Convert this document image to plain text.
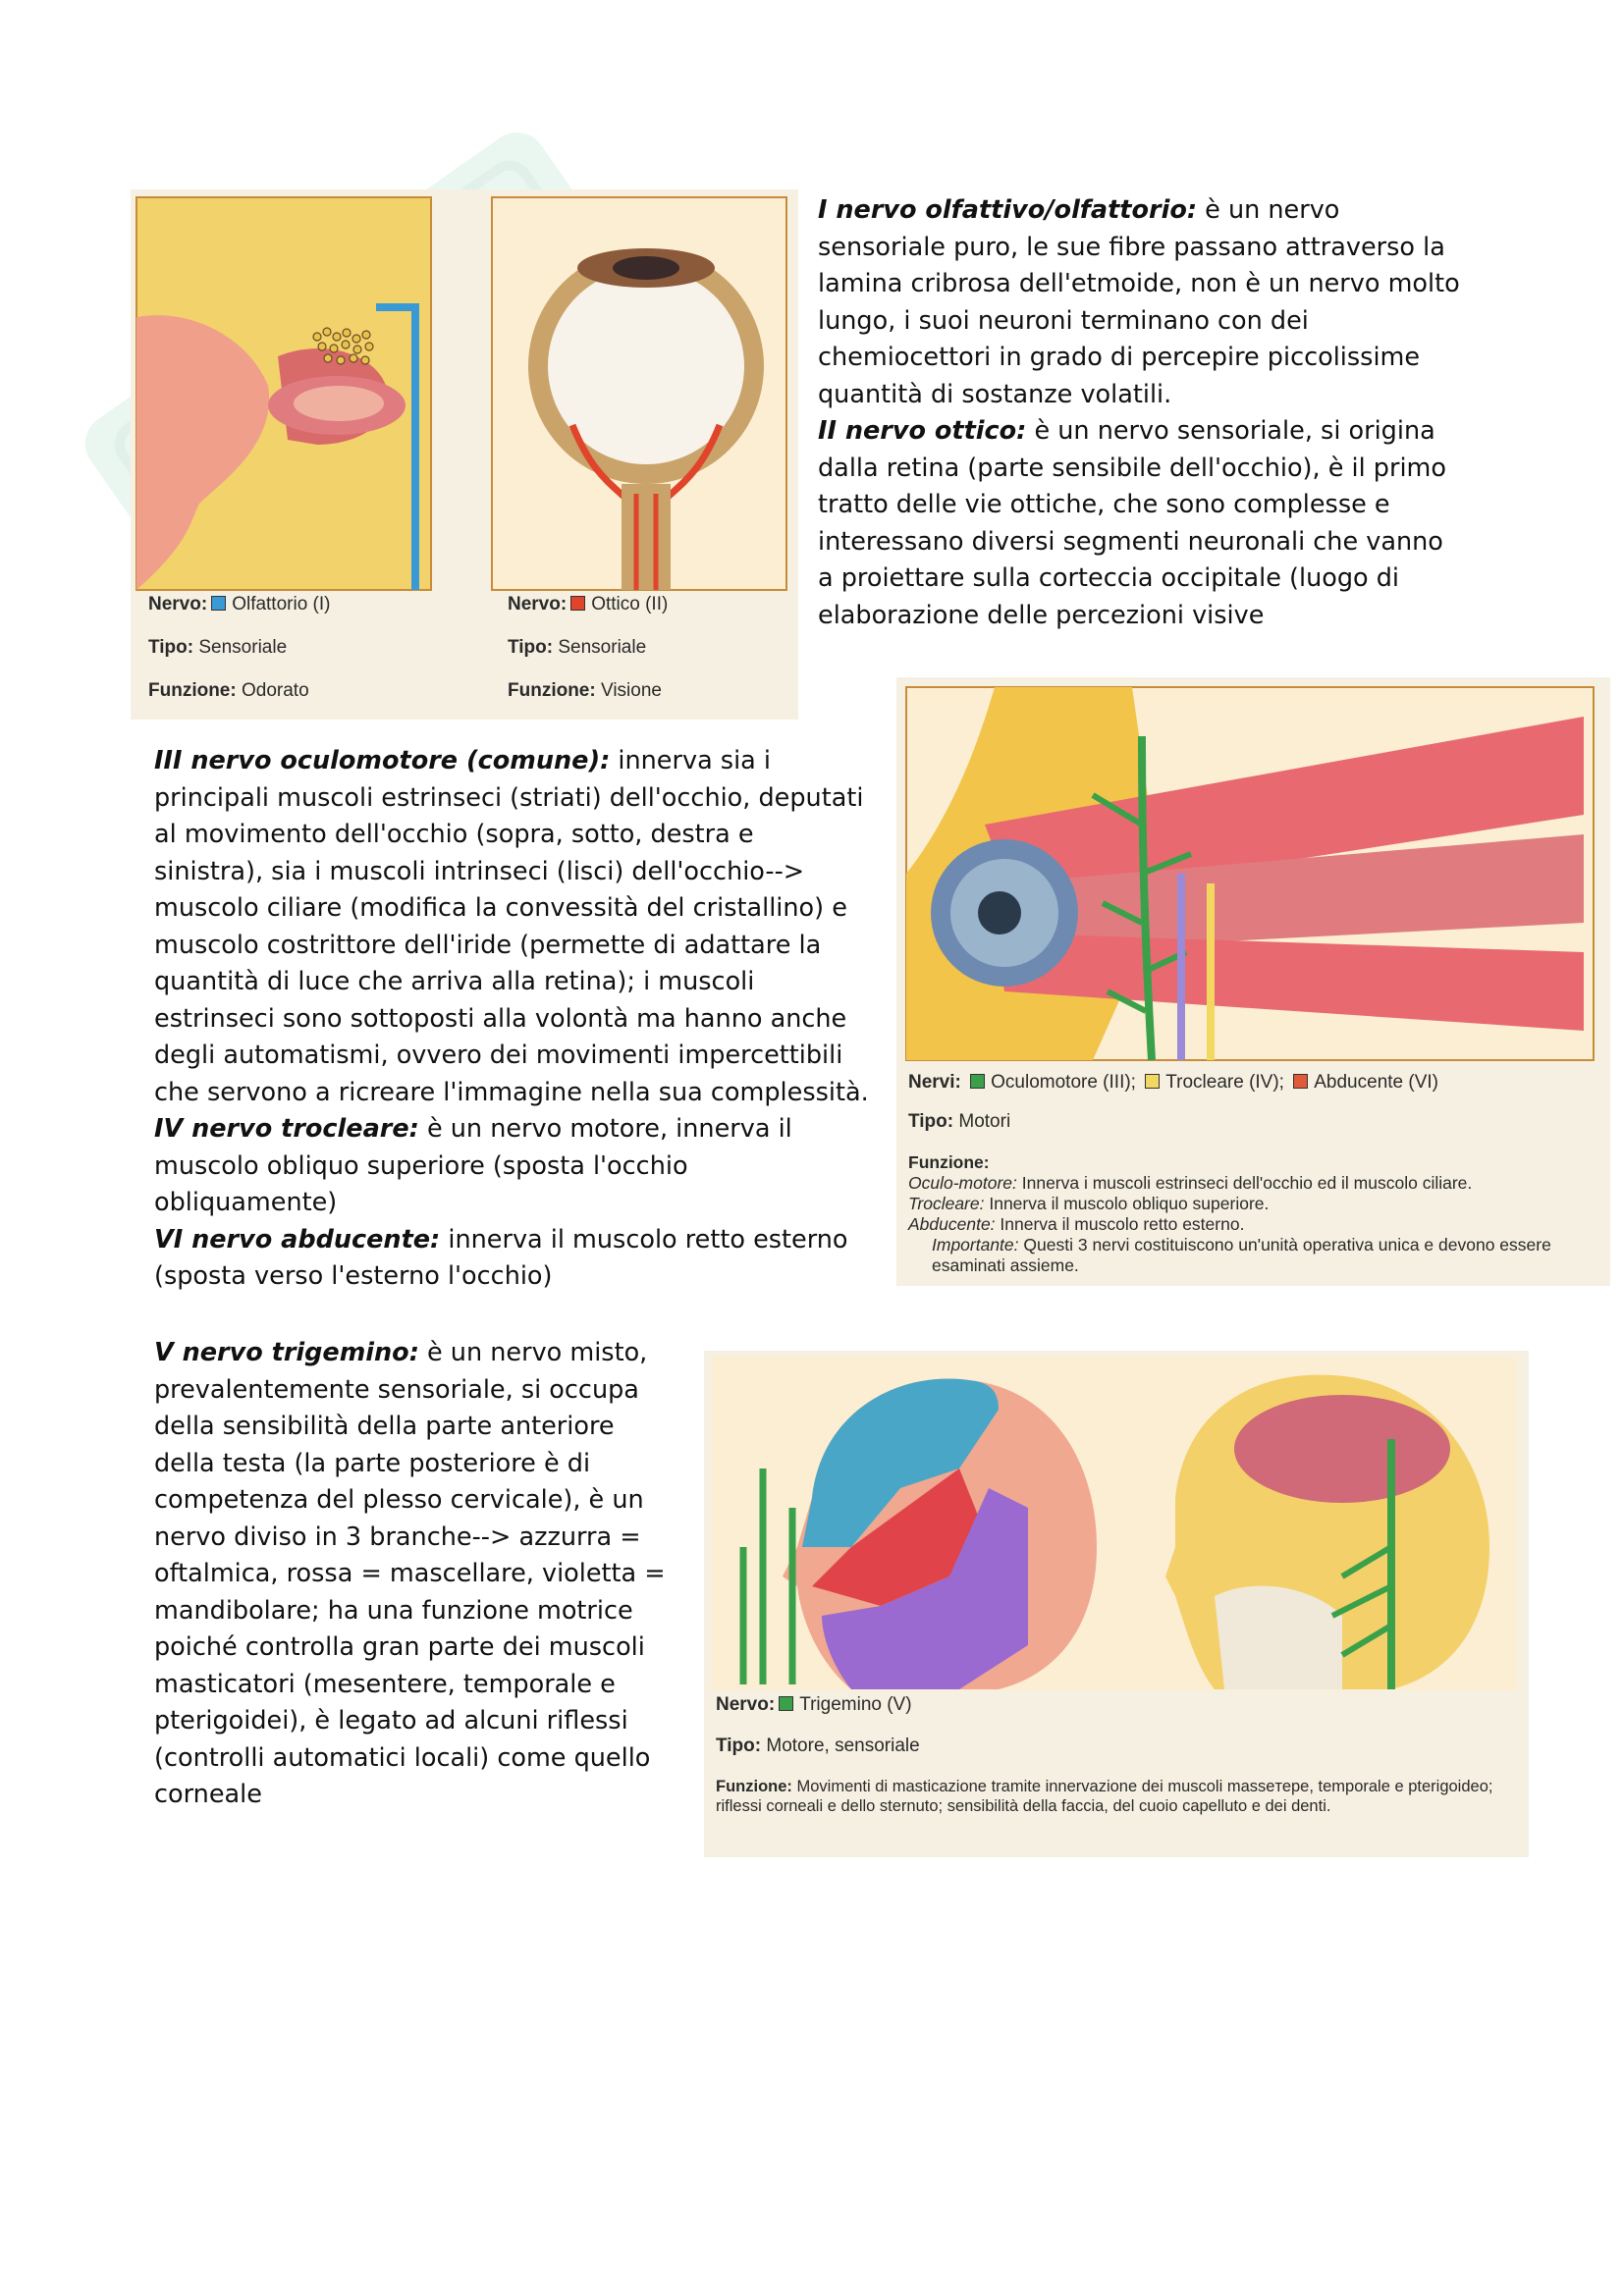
Nervo: Olfattorio (I)
Tipo: Sensoriale
Funzione: Odorato
Nervo: Ottico (II)
Tipo: Sensoriale
Funzione: Visione

I nervo olfattivo/olfattorio: è un nervo sensoriale puro, le sue fibre passano attraverso la lamina cribrosa dell'etmoide, non è un nervo molto lungo, i suoi neuroni terminano con dei chemiocettori in grado di percepire piccolissime quantità di sostanze volatili.

II nervo ottico: è un nervo sensoriale, si origina dalla retina (parte sensibile dell'occhio), è il primo tratto delle vie ottiche, che sono complesse e interessano diversi segmenti neuronali che vanno a proiettare sulla corteccia occipitale (luogo di elaborazione delle percezioni visive

III nervo oculomotore (comune): innerva sia i principali muscoli estrinseci (striati) dell'occhio, deputati al movimento dell'occhio (sopra, sotto, destra e sinistra), sia i muscoli intrinseci (lisci) dell'occhio--> muscolo ciliare (modifica la convessità del cristallino) e muscolo costrittore dell'iride (permette di adattare la quantità di luce che arriva alla retina); i muscoli estrinseci sono sottoposti alla volontà ma hanno anche degli automatismi, ovvero dei movimenti impercettibili che servono a ricreare l'immagine nella sua complessità.

IV nervo trocleare: è un nervo motore, innerva il muscolo obliquo superiore (sposta l'occhio obliquamente)

VI nervo abducente: innerva il muscolo retto esterno (sposta verso l'esterno l'occhio)

Nervi: Oculomotore (III); Trocleare (IV); Abducente (VI)
Tipo: Motori
Funzione:
Oculo-motore: Innerva i muscoli estrinseci dell'occhio ed il muscolo ciliare.
Trocleare: Innerva il muscolo obliquo superiore.
Abducente: Innerva il muscolo retto esterno.
Importante: Questi 3 nervi costituiscono un'unità operativa unica e devono essere esaminati assieme.

V nervo trigemino: è un nervo misto, prevalentemente sensoriale, si occupa della sensibilità della parte anteriore della testa (la parte posteriore è di competenza del plesso cervicale), è un nervo diviso in 3 branche--> azzurra = oftalmica, rossa = mascellare, violetta = mandibolare; ha una funzione motrice poiché controlla gran parte dei muscoli masticatori (mesentere, temporale e pterigoidei), è legato ad alcuni riflessi (controlli automatici locali) come quello corneale

Nervo: Trigemino (V)
Tipo: Motore, sensoriale
Funzione: Movimenti di masticazione tramite innervazione dei muscoli masseтере, temporale e pterigoideo; riflessi corneali e dello sternuto; sensibilità della faccia, del cuoio capelluto e dei denti.
